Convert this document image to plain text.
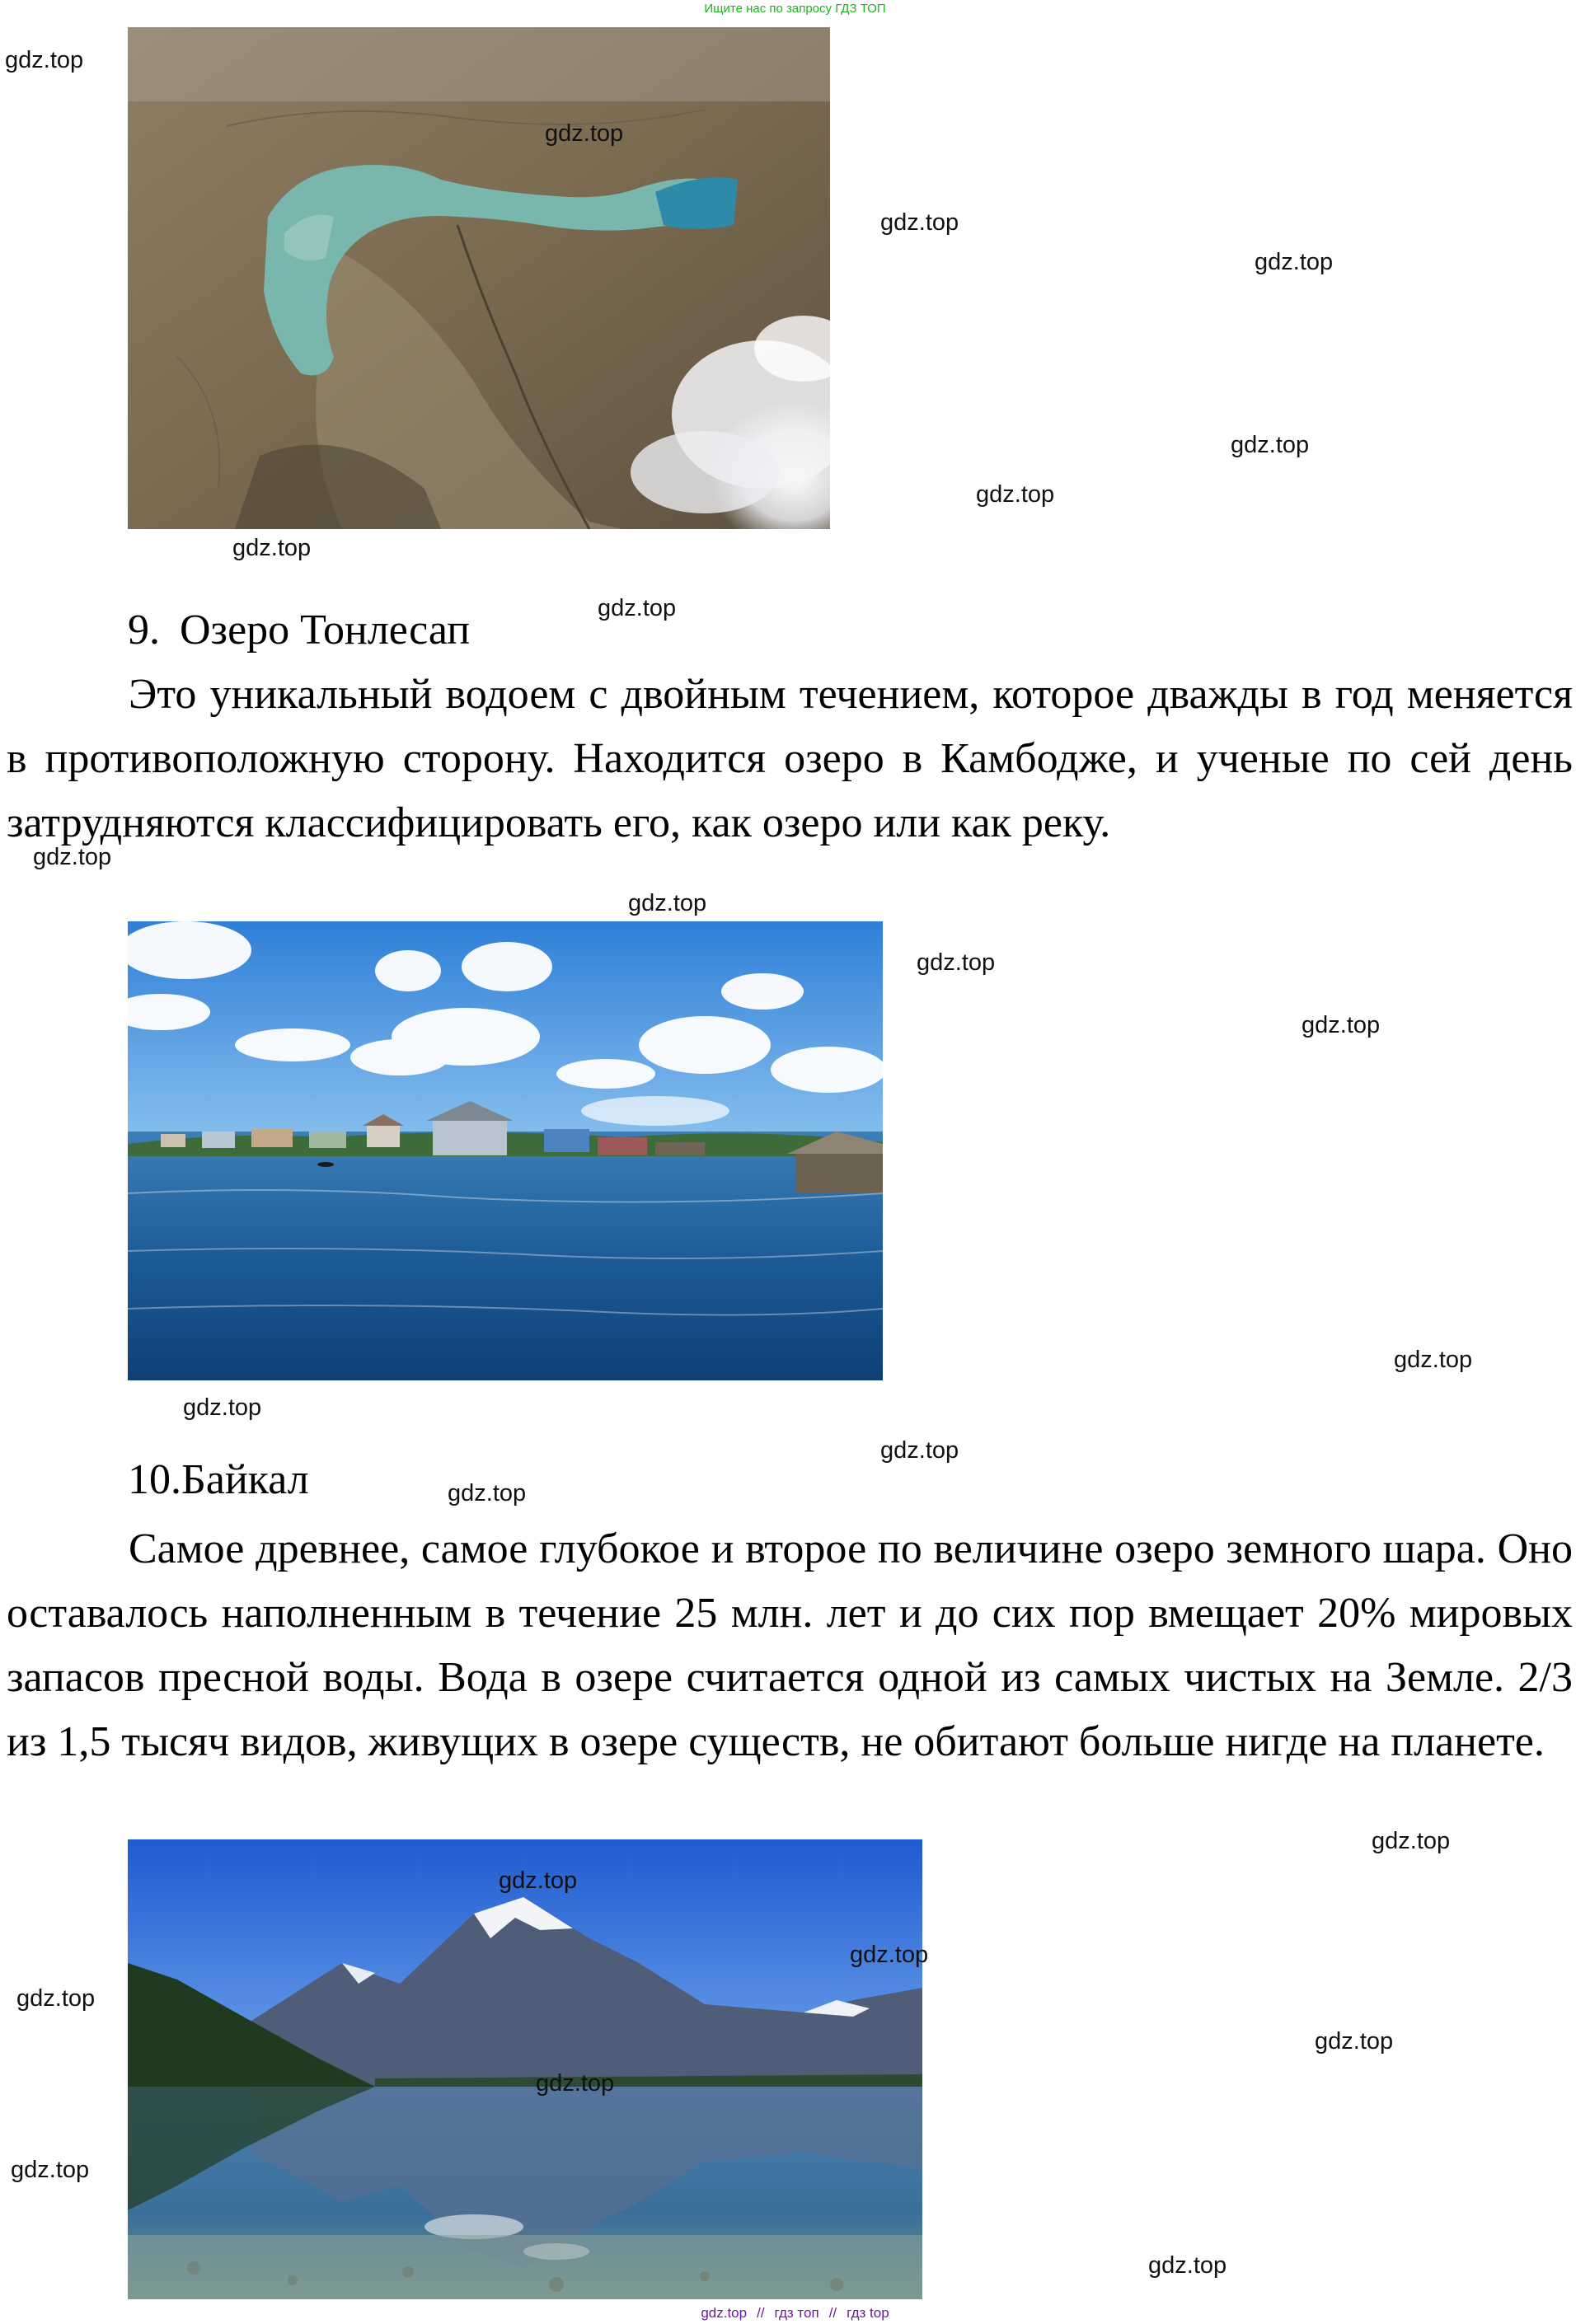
Ищите нас по запросу ГДЗ ТОП
9. Озеро Тонлесап
Это уникальный водоем с двойным течением, которое дважды в год меняется в противоположную сторону. Находится озеро в Камбодже, и ученые по сей день затрудняются классифицировать его, как озеро или как реку.
10.Байкал
Самое древнее, самое глубокое и второе по величине озеро земного шара. Оно оставалось наполненным в течение 25 млн. лет и до сих пор вмещает 20% мировых запасов пресной воды. Вода в озере считается одной из самых чистых на Земле. 2/3 из 1,5 тысяч видов, живущих в озере существ, не обитают больше нигде на планете.
gdz.top
gdz.top
gdz.top
gdz.top
gdz.top
gdz.top
gdz.top
gdz.top
gdz.top
gdz.top
gdz.top
gdz.top
gdz.top
gdz.top
gdz.top
gdz.top
gdz.top
gdz.top
gdz.top
gdz.top
gdz.top
gdz.top
gdz.top
gdz.top
gdz.top // гдз топ // гдз top
